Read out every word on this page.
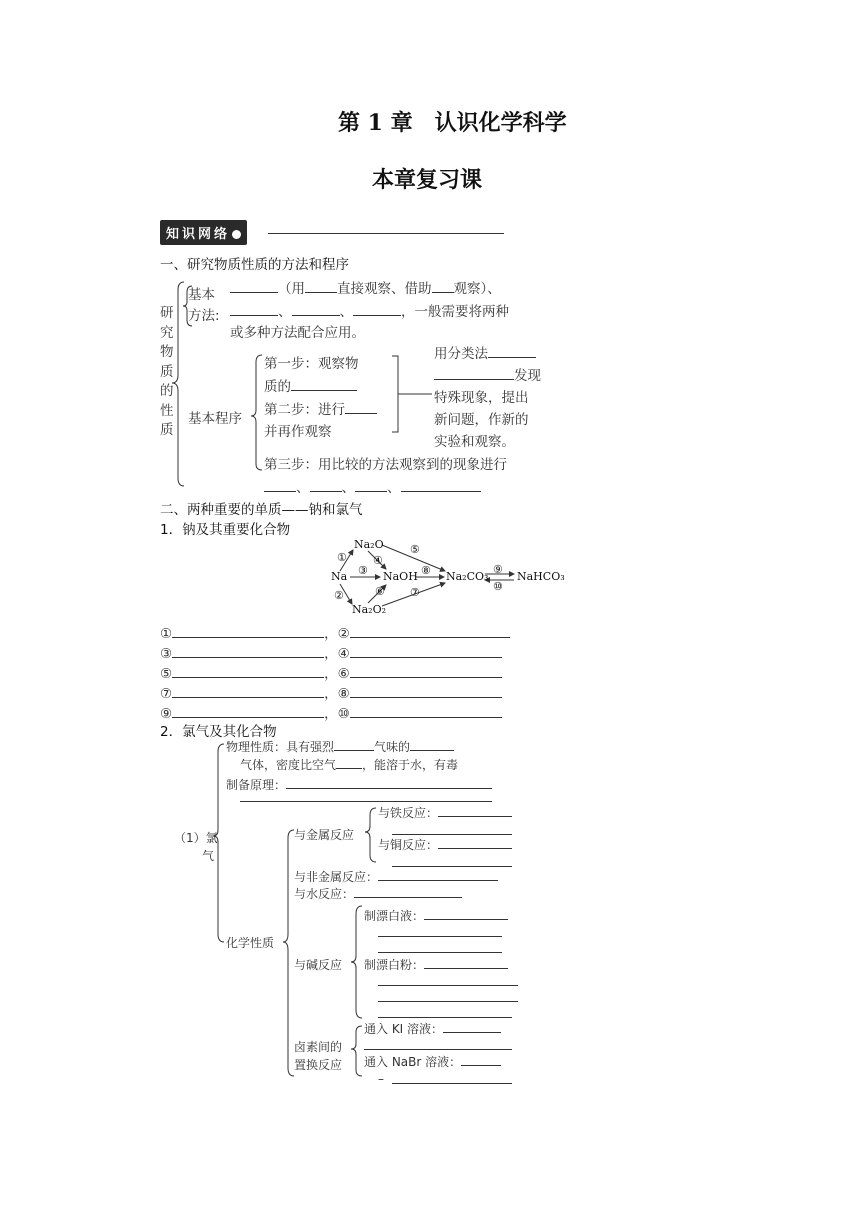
第 1 章　认识化学科学
本章复习课
知识网络
一、研究物质性质的方法和程序
研
究
物
质
的
性
质
基本
方法:
（用 直接观察、借助 观察）、
、	、	，一般需要将两种
或多种方法配合应用。
基本程序
第一步：观察物
质的
第二步：进行
并再作观察
用分类法
发现
特殊现象，提出
新问题，作新的
实验和观察。
第三步：用比较的方法观察到的现象进行
、 、 、
二、两种重要的单质——钠和氯气
1．钠及其重要化合物
Na
Na₂O
NaOH
Na₂O₂
Na₂CO₃	NaHCO₃
①
②
③
④
⑤
⑥ ⑦
⑧	⑨
⑩
①	，②
③	，④
⑤	，⑥
⑦	，⑧
⑨	，⑩
2．氯气及其化合物
（1）氯
气
物理性质：具有强烈	气味的
气体，密度比空气 ，能溶于水，有毒
制备原理：
与金属反应
与铁反应：
与铜反应：
与非金属反应：
与水反应：
化学性质
与碱反应
制漂白液：
制漂白粉：
卤素间的
置换反应
通入 KI 溶液：
通入 NaBr 溶液：
–
